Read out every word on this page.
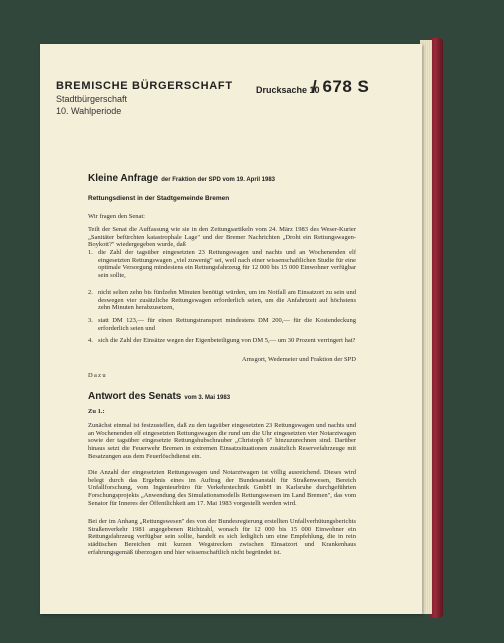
BREMISCHE BÜRGERSCHAFT
Stadtbürgerschaft
10. Wahlperiode
Drucksache 10
/ 678 S
Kleine Anfrage der Fraktion der SPD vom 19. April 1983
Rettungsdienst in der Stadtgemeinde Bremen
Wir fragen den Senat:
Teilt der Senat die Auffassung wie sie in den Zeitungsartikeln vom 24. März 1983 des Weser-Kurier „Sanitäter befürchten katastrophale Lage" und der Bremer Nachrichten „Droht ein Rettungswagen-Boykott?" wiedergegeben wurde, daß
1. die Zahl der tagsüber eingesetzten 23 Rettungswagen und nachts und an Wochenenden elf eingesetzten Rettungswagen „viel zuwenig" sei, weil nach einer wissenschaftlichen Studie für eine optimale Versorgung mindestens ein Rettungsfahrzeug für 12 000 bis 15 000 Einwohner verfügbar sein sollte,
2. nicht selten zehn bis fünfzehn Minuten benötigt würden, um im Notfall am Einsatzort zu sein und deswegen vier zusätzliche Rettungswagen erforderlich seien, um die Anfahrtzeit auf höchstens zehn Minuten herabzusetzen,
3. statt DM 123,— für einen Rettungstransport mindestens DM 200,— für die Kostendeckung erforderlich seien und
4. sich die Zahl der Einsätze wegen der Eigenbeteiligung von DM 5,— um 30 Prozent verringert hat?
Arnsgort, Wedemeier und Fraktion der SPD
Dazu
Antwort des Senats vom 3. Mai 1983
Zu 1.:
Zunächst einmal ist festzustellen, daß zu den tagsüber eingesetzten 23 Rettungswagen und nachts und an Wochenenden elf eingesetzten Rettungswagen die rund um die Uhr eingesetzten vier Notarztwagen sowie der tagsüber eingesetzte Rettungshubschrauber „Christoph 6" hinzuzurechnen sind. Darüber hinaus setzt die Feuerwehr Bremen in extremen Einsatzsituationen zusätzlich Reservefahrzeuge mit Besatzungen aus dem Feuerlöschdienst ein.
Die Anzahl der eingesetzten Rettungswagen und Notarztwagen ist völlig ausreichend. Dieses wird belegt durch das Ergebnis eines im Auftrag der Bundesanstalt für Straßenwesen, Bereich Unfallforschung, vom Ingenieurbüro für Verkehrstechnik GmbH in Karlsruhe durchgeführten Forschungsprojekts „Anwendung des Simulationsmodells Rettungswesen im Land Bremen", das vom Senator für Inneres der Öffentlichkeit am 17. Mai 1983 vorgestellt werden wird.
Bei der im Anhang „Rettungswesen" des von der Bundesregierung erstellten Unfallverhütungsberichts Straßenverkehr 1981 angegebenen Richtzahl, wonach für 12 000 bis 15 000 Einwohner ein Rettungsfahrzeug verfügbar sein sollte, handelt es sich lediglich um eine Empfehlung, die in rein städtischen Bereichen mit kurzen Wegstrecken zwischen Einsatzort und Krankenhaus erfahrungsgemäß überzogen und hier wissenschaftlich nicht begründet ist.
